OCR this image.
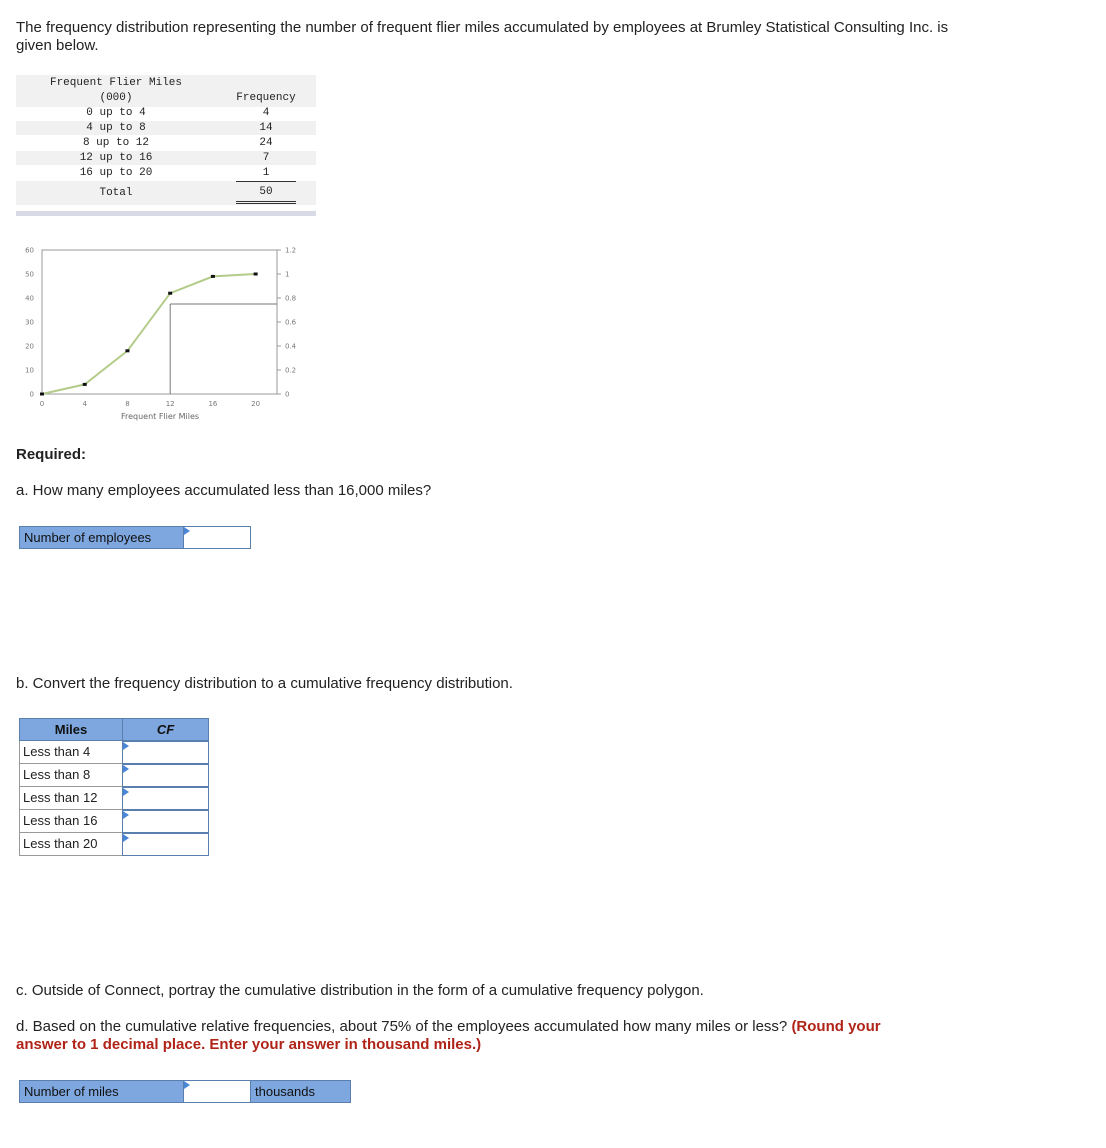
The frequency distribution representing the number of frequent flier miles accumulated by employees at Brumley Statistical Consulting Inc. is given below.
Frequent Flier Miles
(000)	Frequency
0 up to 4	4
4 up to 8	14
8 up to 12	24
12 up to 16	7
16 up to 20	1
Total	50
0	4	8	12	16	20
0
10
20
30
40
50
60
0
0.2
0.4
0.6
0.8
1
1.2
Frequent Flier Miles
Required:
a. How many employees accumulated less than 16,000 miles?
Number of employees
b. Convert the frequency distribution to a cumulative frequency distribution.
Miles	CF
Less than 4
Less than 8
Less than 12
Less than 16
Less than 20
c. Outside of Connect, portray the cumulative distribution in the form of a cumulative frequency polygon.
d. Based on the cumulative relative frequencies, about 75% of the employees accumulated how many miles or less? (Round your answer to 1 decimal place. Enter your answer in thousand miles.)
Number of miles	thousands
